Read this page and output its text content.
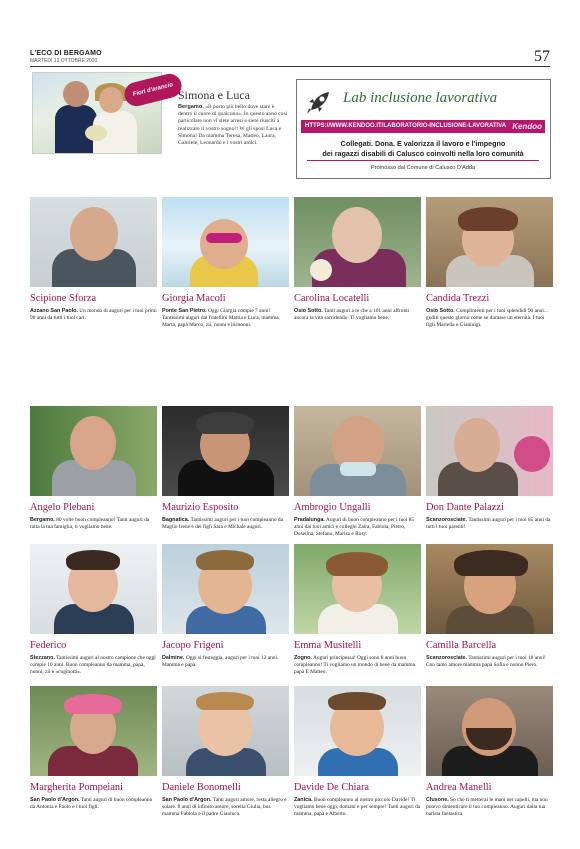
L'ECO DI BERGAMO
MARTEDÌ 13 OTTOBRE 2020	57
Fiori d'arancio Simona e Luca
Bergamo. «Il posto più bello dove stare è dentro il cuore di qualcuno». In questo anno così particolare non vi siete arresi e siete riusciti a realizzare il vostro sogno!! W gli sposi Luca e Simona! Da mamma Teresa, Matteo, Laura, Gabriele, Leonardo e i vostri amici.
Lab inclusione lavorativa
HTTPS://WWW.KENDOO.IT/LABORATORIO-INCLUSIONE-LAVORATIVA Kendoo
Collegati. Dona. E valorizza il lavoro e l'impegno
dei ragazzi disabili di Calusco coinvolti nella loro comunità
Promosso dal Comune di Calusco D'Adda
Scipione Sforza
Azzano San Paolo. Un mondo di auguri per i tuoi primi 90 anni da tutti i tuoi cari.
Giorgia Macoli
Ponte San Pietro. Oggi Giorgia compie 7 anni! Tantissimi auguri dai fratellini Mattia e Luca, mamma Marta, papà Marco, zii, nonni e bisnonni.
Carolina Locatelli
Osio Sotto. Tanti auguri a te che a 101 anni affronti ancora la vita sorridendo. Ti vogliamo bene.
Candida Trezzi
Osio Sotto. Complimenti per i tuoi splendidi 90 anni... goditi questo giorno come se durasse un eternità. I tuoi figli Mariella e Gianluigi.
Angelo Plebani
Bergamo. 80 volte buon compleanno! Tanti auguri da tutta la tua famiglia, ti vogliamo bene.
Maurizio Esposito
Bagnatica. Tantissimi auguri per i tuoi compleanno da Maglio Irene e dei figli Sara e Michale auguri.
Ambrogio Ungalli
Pradalunga. Auguri di buon compleanno per i tuoi 85 anni dai tuoi amici e colleghi Zaira, Fabiola, Pietro, Doselina, Stefano, Marisa e Rosy.
Don Dante Palazzi
Scanzorosciate. Tantissimi auguri per i tuoi 85 anni da tutti i tuoi parenti!
Federico
Stezzano. Tantissimi auguri al nostro campione che oggi compie 10 anni. Buon compleanno da mamma, papà, nonni, zii e «cuginotti».
Jacopo Frigeni
Dalmine. Oggi si festeggia, auguri per i tuoi 12 anni. Mamma e papà.
Emma Musitelli
Zogno. Auguri principessa! Oggi sono 8 anni buon compleanno! Ti vogliamo un mondo di bene da mamma papà E Matteo.
Camilla Barcella
Scanzorosciate. Tantissimi auguri per i tuoi 18 anni! Con tanto amore mamma papà Sofia e nonno Piero.
Margherita Pompeiani
San Paolo d'Argon. Tanti auguri di buon compleanno da Antonia e Paolo e i tuoi figli.
Daniele Bonomelli
San Paolo d'Argon. Tanti auguri amore, resta allegro e solare. 8 anni di infinito amore, sorella Giulia, bus mamma Fabiola e il padre Gianluca.
Davide De Chiara
Zanica. Buon compleanno al nostro piccolo Davide! Ti vogliamo bene oggi, domani e per sempre! Tanti auguri da mamma, papà e Alberto.
Andrea Manelli
Clusone. So che ti metterai le mani nei capelli, ma non potevo dimenticare il tuo compleanno. Auguri dalla tua barista fantastica
